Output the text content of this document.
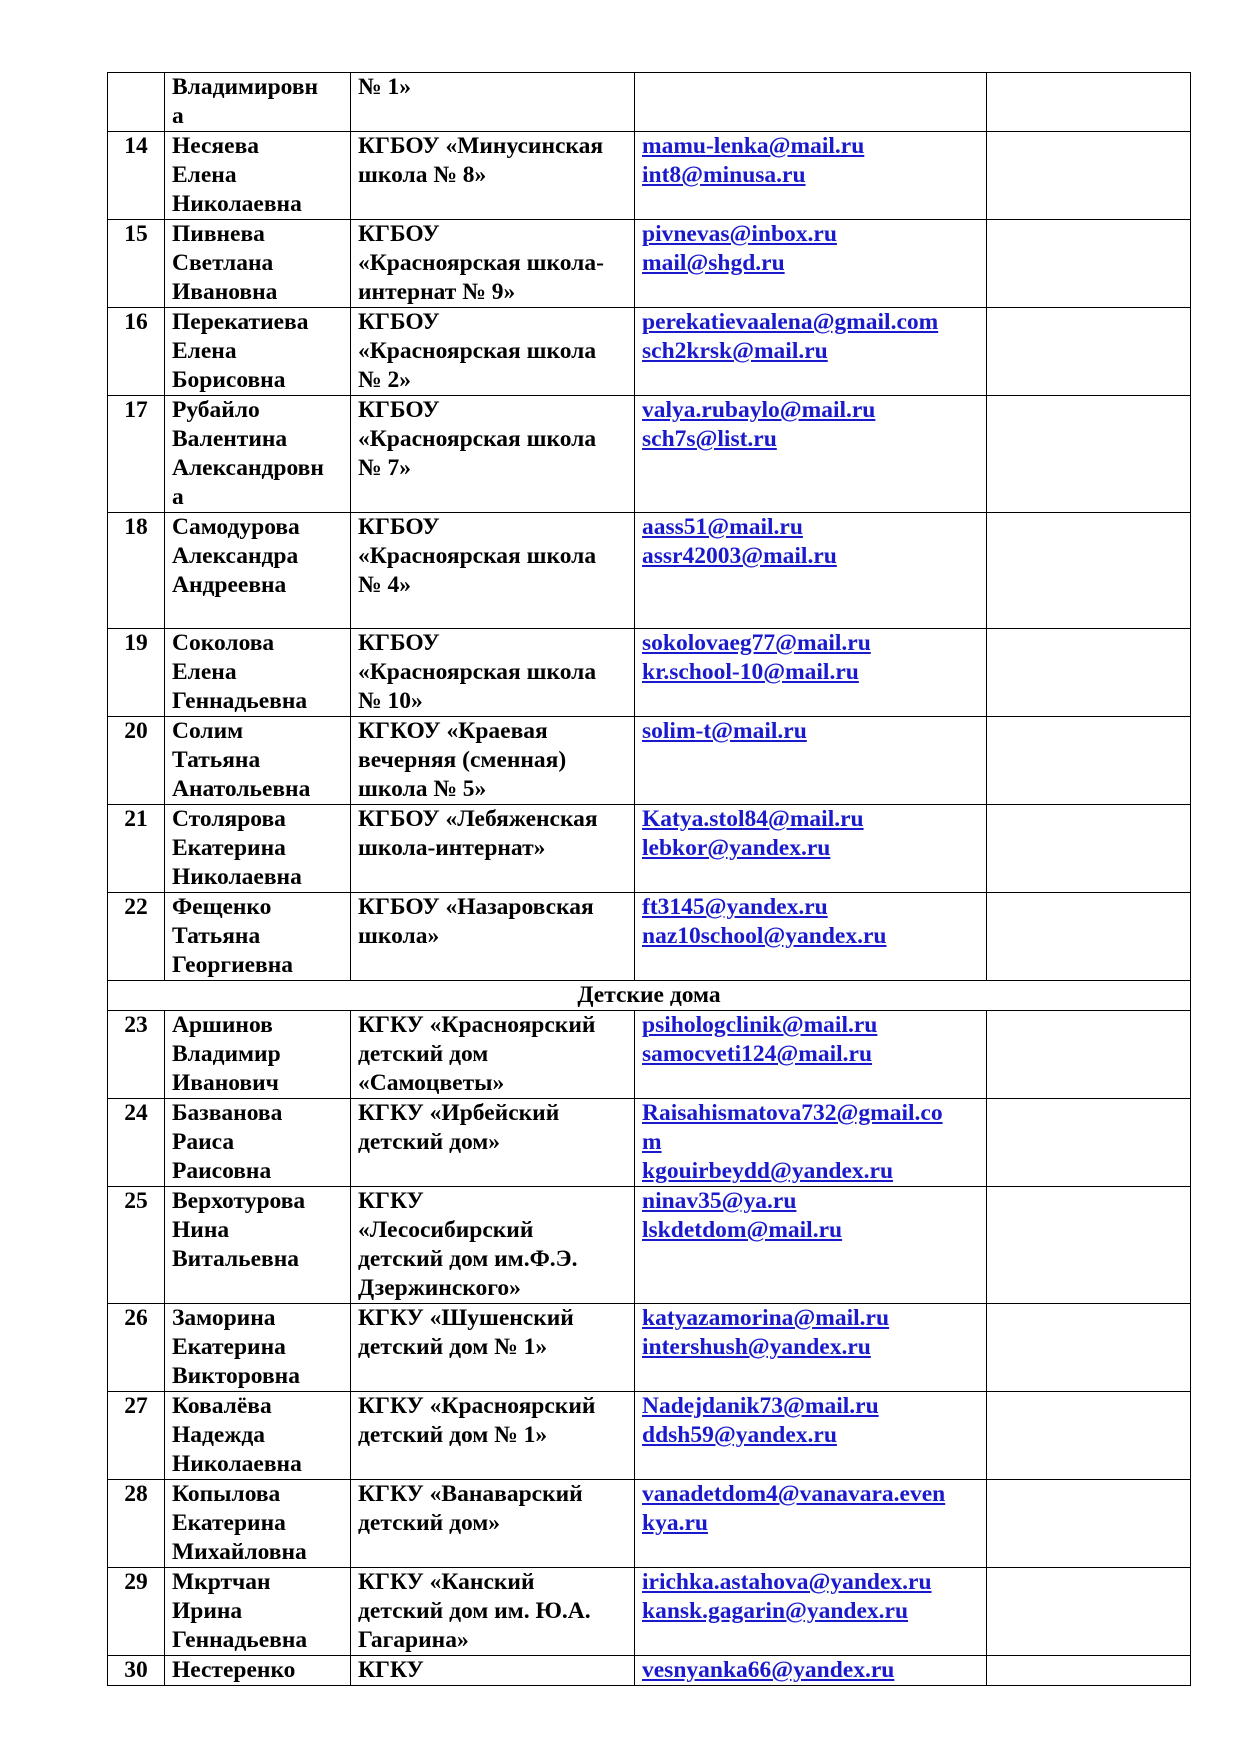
	Владимировн
а	№ 1»		

14	Несяева
Елена
Николаевна	КГБОУ «Минусинская
школа № 8»	mamu-lenka@mail.ru
int8@minusa.ru	

15	Пивнева
Светлана
Ивановна	КГБОУ
«Красноярская школа-
интернат № 9»	pivnevas@inbox.ru
mail@shgd.ru	

16	Перекатиева
Елена
Борисовна	КГБОУ
«Красноярская школа
№ 2»	perekatievaalena@gmail.com
sch2krsk@mail.ru	

17	Рубайло
Валентина
Александровн
а	КГБОУ
«Красноярская школа
№ 7»	valya.rubaylo@mail.ru
sch7s@list.ru	

18	Самодурова
Александра
Андреевна	КГБОУ
«Красноярская школа
№ 4»	aass51@mail.ru
assr42003@mail.ru	

19	Соколова
Елена
Геннадьевна	КГБОУ
«Красноярская школа
№ 10»	sokolovaeg77@mail.ru
kr.school-10@mail.ru	

20	Солим
Татьяна
Анатольевна	КГКОУ «Краевая
вечерняя (сменная)
школа № 5»	solim-t@mail.ru	

21	Столярова
Екатерина
Николаевна	КГБОУ «Лебяженская
школа-интернат»	Katya.stol84@mail.ru
lebkor@yandex.ru	

22	Фещенко
Татьяна
Георгиевна	КГБОУ «Назаровская
школа»	ft3145@yandex.ru
naz10school@yandex.ru	

Детские дома				
23	Аршинов
Владимир
Иванович	КГКУ «Красноярский
детский дом
«Самоцветы»	psihologclinik@mail.ru
samocveti124@mail.ru	

24	Базванова
Раиса
Раисовна	КГКУ «Ирбейский
детский дом»	Raisahismatova732@gmail.co
m
kgouirbeydd@yandex.ru	

25	Верхотурова
Нина
Витальевна	КГКУ
«Лесосибирский
детский дом им.Ф.Э.
Дзержинского»	ninav35@ya.ru
lskdetdom@mail.ru	

26	Заморина
Екатерина
Викторовна	КГКУ «Шушенский
детский дом № 1»	katyazamorina@mail.ru
intershush@yandex.ru	

27	Ковалёва
Надежда
Николаевна	КГКУ «Красноярский
детский дом № 1»	Nadejdanik73@mail.ru
ddsh59@yandex.ru	

28	Копылова
Екатерина
Михайловна	КГКУ «Ванаварский
детский дом»	vanadetdom4@vanavara.even
kya.ru	

29	Мкртчан
Ирина
Геннадьевна	КГКУ «Канский
детский дом им. Ю.А.
Гагарина»	irichka.astahova@yandex.ru
kansk.gagarin@yandex.ru	

30	Нестеренко	КГКУ	vesnyanka66@yandex.ru	
